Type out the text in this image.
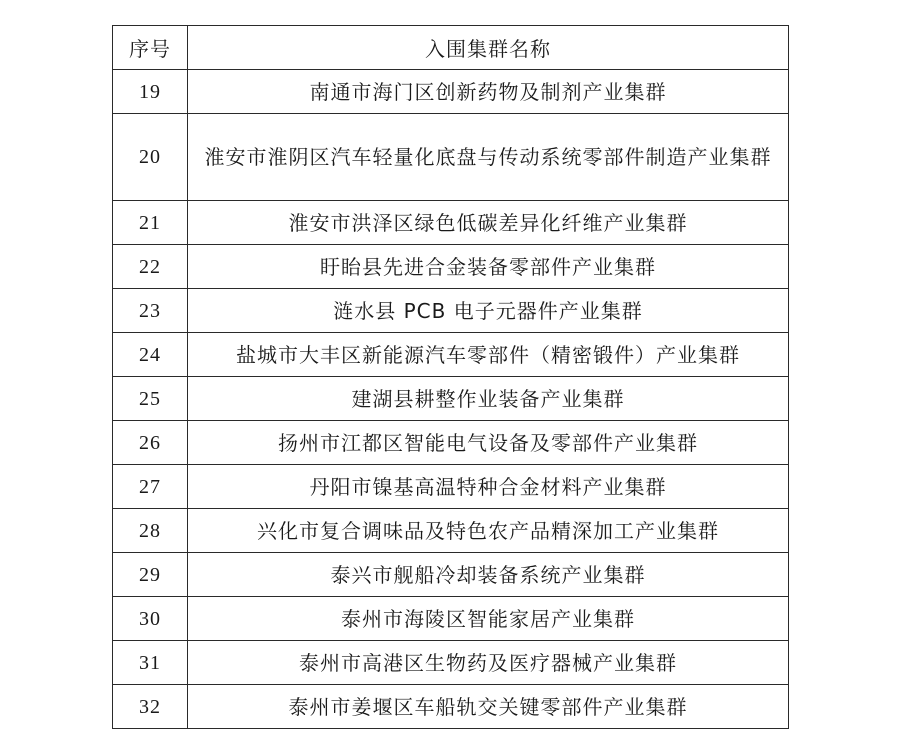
序号	入围集群名称
19	南通市海门区创新药物及制剂产业集群
20	淮安市淮阴区汽车轻量化底盘与传动系统零部件制造产业集群
21	淮安市洪泽区绿色低碳差异化纤维产业集群
22	盱眙县先进合金装备零部件产业集群
23	涟水县 PCB 电子元器件产业集群
24	盐城市大丰区新能源汽车零部件（精密锻件）产业集群
25	建湖县耕整作业装备产业集群
26	扬州市江都区智能电气设备及零部件产业集群
27	丹阳市镍基高温特种合金材料产业集群
28	兴化市复合调味品及特色农产品精深加工产业集群
29	泰兴市舰船冷却装备系统产业集群
30	泰州市海陵区智能家居产业集群
31	泰州市高港区生物药及医疗器械产业集群
32	泰州市姜堰区车船轨交关键零部件产业集群
